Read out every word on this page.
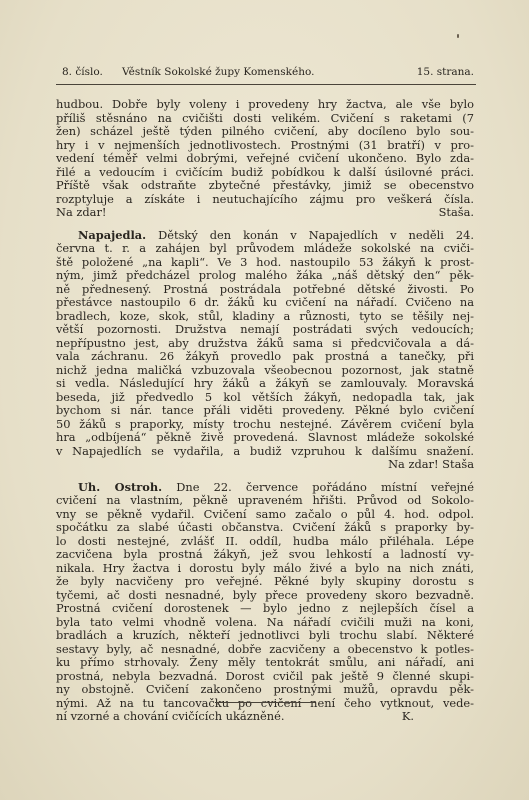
8. číslo. Věstník Sokolské župy Komenského.	15. strana.
hudbou. Dobře byly voleny i provedeny hry žactva, ale vše bylo
příliš stěsnáno na cvičišti dosti velikém. Cvičení s raketami (7
žen) scházel ještě týden pilného cvičení, aby docíleno bylo sou-
hry i v nejmenších jednotlivostech. Prostnými (31 bratří) v pro-
vedení téměř velmi dobrými, veřejné cvičení ukončeno. Bylo zda-
řilé a vedoucím i cvičícím budiž pobídkou k další úsilovné práci.
Příště však odstraňte zbytečné přestávky, jimiž se obecenstvo
rozptyluje a získáte i neutuchajícího zájmu pro veškerá čísla.
Na zdar!	Staša.
Napajedla. Dětský den konán v Napajedlích v neděli 24.
června t. r. a zahájen byl průvodem mládeže sokolské na cviči-
ště položené „na kapli“. Ve 3 hod. nastoupilo 53 žákyň k prost-
ným, jimž předcházel prolog malého žáka „náš dětský den“ pěk-
ně přednesený. Prostná postrádala potřebné dětské živosti. Po
přestávce nastoupilo 6 dr. žáků ku cvičení na nářadí. Cvičeno na
bradlech, koze, skok, stůl, kladiny a různosti, tyto se těšily nej-
větší pozornosti. Družstva nemají postrádati svých vedoucích;
nepřípustno jest, aby družstva žáků sama si předcvičovala a dá-
vala záchranu. 26 žákyň provedlo pak prostná a tanečky, při
nichž jedna maličká vzbuzovala všeobecnou pozornost, jak statně
si vedla. Následující hry žáků a žákyň se zamlouvaly. Moravská
beseda, již předvedlo 5 kol větších žákyň, nedopadla tak, jak
bychom si nár. tance přáli viděti provedeny. Pěkné bylo cvičení
50 žáků s praporky, místy trochu nestejné. Závěrem cvičení byla
hra „odbíjená“ pěkně živě provedená. Slavnost mládeže sokolské
v Napajedlích se vydařila, a budiž vzpruhou k dalšímu snažení.
Na zdar! Staša
Uh. Ostroh. Dne 22. července pořádáno místní veřejné
cvičení na vlastním, pěkně upraveném hřišti. Průvod od Sokolo-
vny se pěkně vydařil. Cvičení samo začalo o půl 4. hod. odpol.
spočátku za slabé účasti občanstva. Cvičení žáků s praporky by-
lo dosti nestejné, zvlášť II. oddíl, hudba málo přiléhala. Lépe
zacvičena byla prostná žákyň, jež svou lehkostí a ladností vy-
nikala. Hry žactva i dorostu byly málo živé a bylo na nich znáti,
že byly nacvičeny pro veřejné. Pěkné byly skupiny dorostu s
tyčemi, ač dosti nesnadné, byly přece provedeny skoro bezvadně.
Prostná cvičení dorostenek — bylo jedno z nejlepších čísel a
byla tato velmi vhodně volena. Na nářadí cvičili muži na koni,
bradlách a kruzích, někteří jednotlivci byli trochu slabí. Některé
sestavy byly, ač nesnadné, dobře zacvičeny a obecenstvo k potles-
ku přímo strhovaly. Ženy měly tentokrát smůlu, ani nářadí, ani
prostná, nebyla bezvadná. Dorost cvičil pak ještě 9 členné skupi-
ny obstojně. Cvičení zakončeno prostnými mužů, opravdu pěk-
nými. Až na tu tancovačku po cvičení není čeho vytknout, vede-
ní vzorné a chování cvičících ukázněné.	K.
